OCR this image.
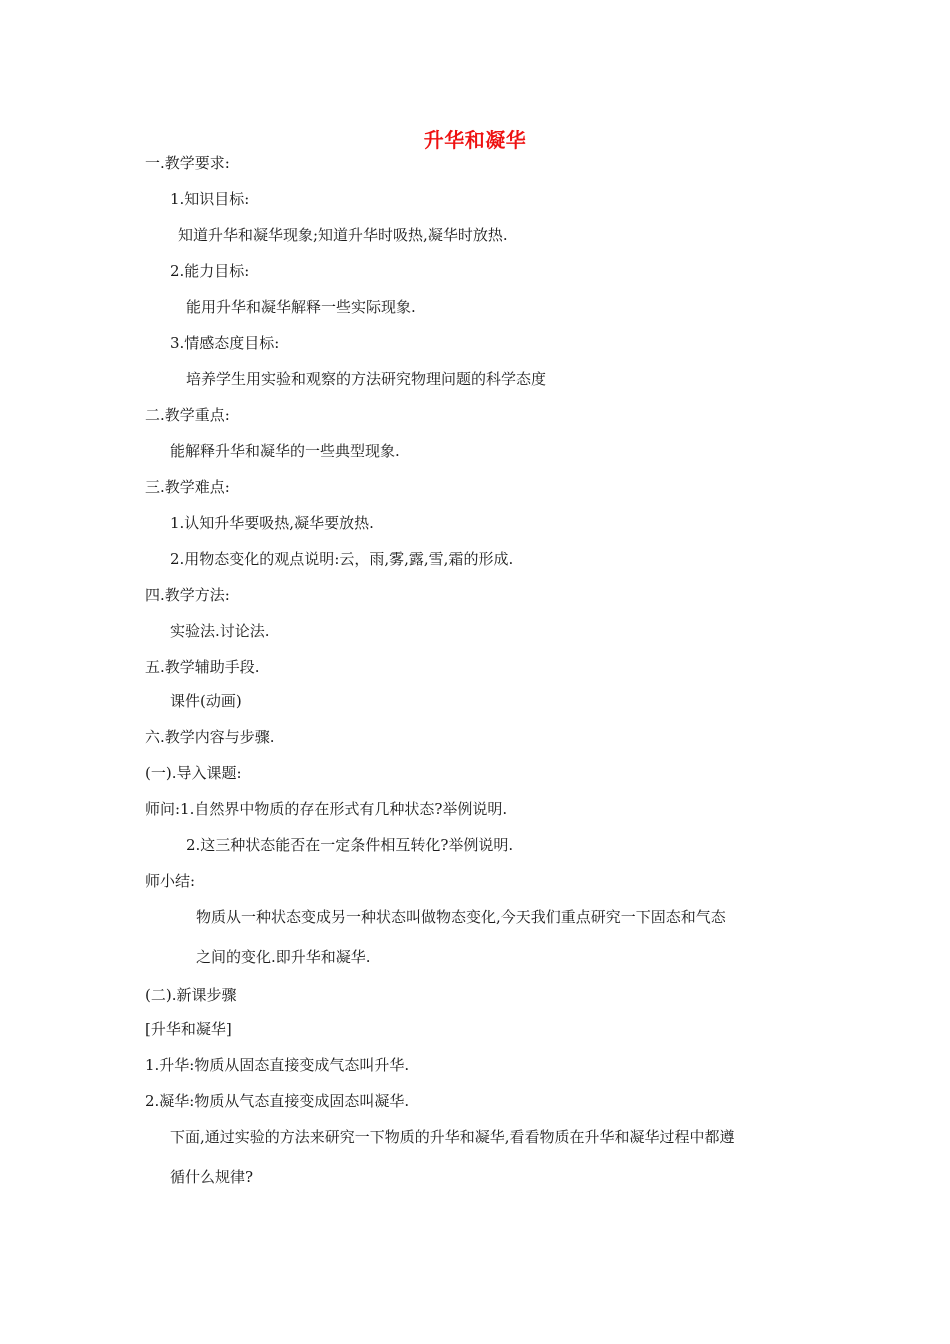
升华和凝华
一.教学要求:
1.知识目标:
知道升华和凝华现象;知道升华时吸热,凝华时放热.
2.能力目标:
能用升华和凝华解释一些实际现象.
3.情感态度目标:
培养学生用实验和观察的方法研究物理问题的科学态度
二.教学重点:
能解释升华和凝华的一些典型现象.
三.教学难点:
1.认知升华要吸热,凝华要放热.
2.用物态变化的观点说明:云，雨,雾,露,雪,霜的形成.
四.教学方法:
实验法.讨论法.
五.教学辅助手段.
课件(动画)
六.教学内容与步骤.
(一).导入课题:
师问:1.自然界中物质的存在形式有几种状态?举例说明.
2.这三种状态能否在一定条件相互转化?举例说明.
师小结:
物质从一种状态变成另一种状态叫做物态变化,今天我们重点研究一下固态和气态
之间的变化.即升华和凝华.
(二).新课步骤
[升华和凝华]
1.升华:物质从固态直接变成气态叫升华.
2.凝华:物质从气态直接变成固态叫凝华.
下面,通过实验的方法来研究一下物质的升华和凝华,看看物质在升华和凝华过程中都遵
循什么规律?
